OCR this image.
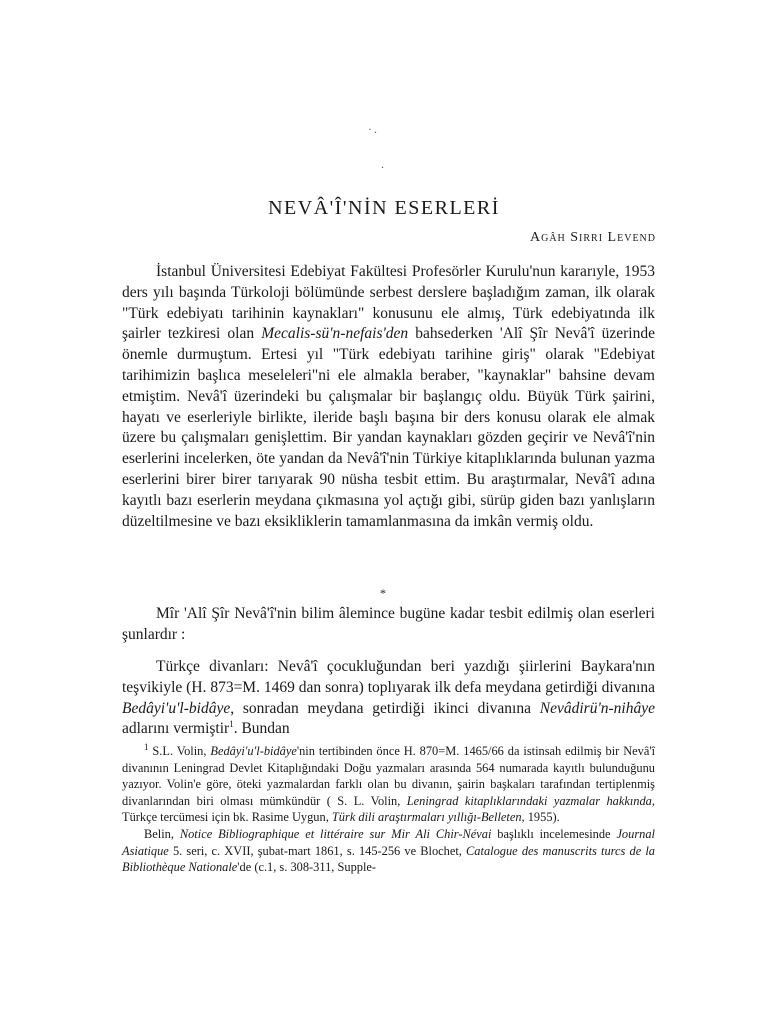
·.
.
NEVÂ'Î'NİN ESERLERİ
Agâh Sırrı Levend

İstanbul Üniversitesi Edebiyat Fakültesi Profesörler Kurulu'nun kararıyle, 1953 ders yılı başında Türkoloji bölümünde serbest derslere başladığım zaman, ilk olarak "Türk edebiyatı tarihinin kaynakları" konusunu ele almış, Türk edebiyatında ilk şairler tezkiresi olan Mecalis-sü'n-nefais'den bahsederken 'Alî Şîr Nevâ'î üzerinde önemle durmuştum. Ertesi yıl "Türk edebiyatı tarihine giriş" olarak "Edebiyat tarihimizin başlıca meseleleri"ni ele almakla beraber, "kaynaklar" bahsine devam etmiştim. Nevâ'î üzerindeki bu çalışmalar bir başlangıç oldu. Büyük Türk şairini, hayatı ve eserleriyle birlikte, ileride başlı başına bir ders konusu olarak ele almak üzere bu çalışmaları genişlettim. Bir yandan kaynakları gözden geçirir ve Nevâ'î'nin eserlerini incelerken, öte yandan da Nevâ'î'nin Türkiye kitaplıklarında bulunan yazma eserlerini birer birer tarıyarak 90 nüsha tesbit ettim. Bu araştırmalar, Nevâ'î adına kayıtlı bazı eserlerin meydana çıkmasına yol açtığı gibi, sürüp giden bazı yanlışların düzeltilmesine ve bazı eksikliklerin tamamlanmasına da imkân vermiş oldu.

*

Mîr 'Alî Şîr Nevâ'î'nin bilim âlemince bugüne kadar tesbit edilmiş olan eserleri şunlardır :

Türkçe divanları: Nevâ'î çocukluğundan beri yazdığı şiirlerini Baykara'nın teşvikiyle (H. 873=M. 1469 dan sonra) toplıyarak ilk defa meydana getirdiği divanına Bedâyi'u'l-bidâye, sonradan meydana getirdiği ikinci divanına Nevâdirü'n-nihâye adlarını vermiştir$^1$. Bundan

$^1$ S.L. Volin, Bedâyi'u'l-bidâye'nin tertibinden önce H. 870=M. 1465/66 da istinsah edilmiş bir Nevâ'î divanının Leningrad Devlet Kitaplığındaki Doğu yazmaları arasında 564 numarada kayıtlı bulunduğunu yazıyor. Volin'e göre, öteki yazmalardan farklı olan bu divanın, şairin başkaları tarafından tertiplenmiş divanlarından biri olması mümkündür ( S. L. Volin, Leningrad kitaplıklarındaki yazmalar hakkında, Türkçe tercümesi için bk. Rasime Uygun, Türk dili araştırmaları yıllığı-Belleten, 1955).

Belin, Notice Bibliographique et littéraire sur Mir Ali Chir-Névai başlıklı incelemesinde Journal Asiatique 5. seri, c. XVII, şubat-mart 1861, s. 145-256 ve Blochet, Catalogue des manuscrits turcs de la Bibliothèque Nationale'de (c.1, s. 308-311, Supple-
